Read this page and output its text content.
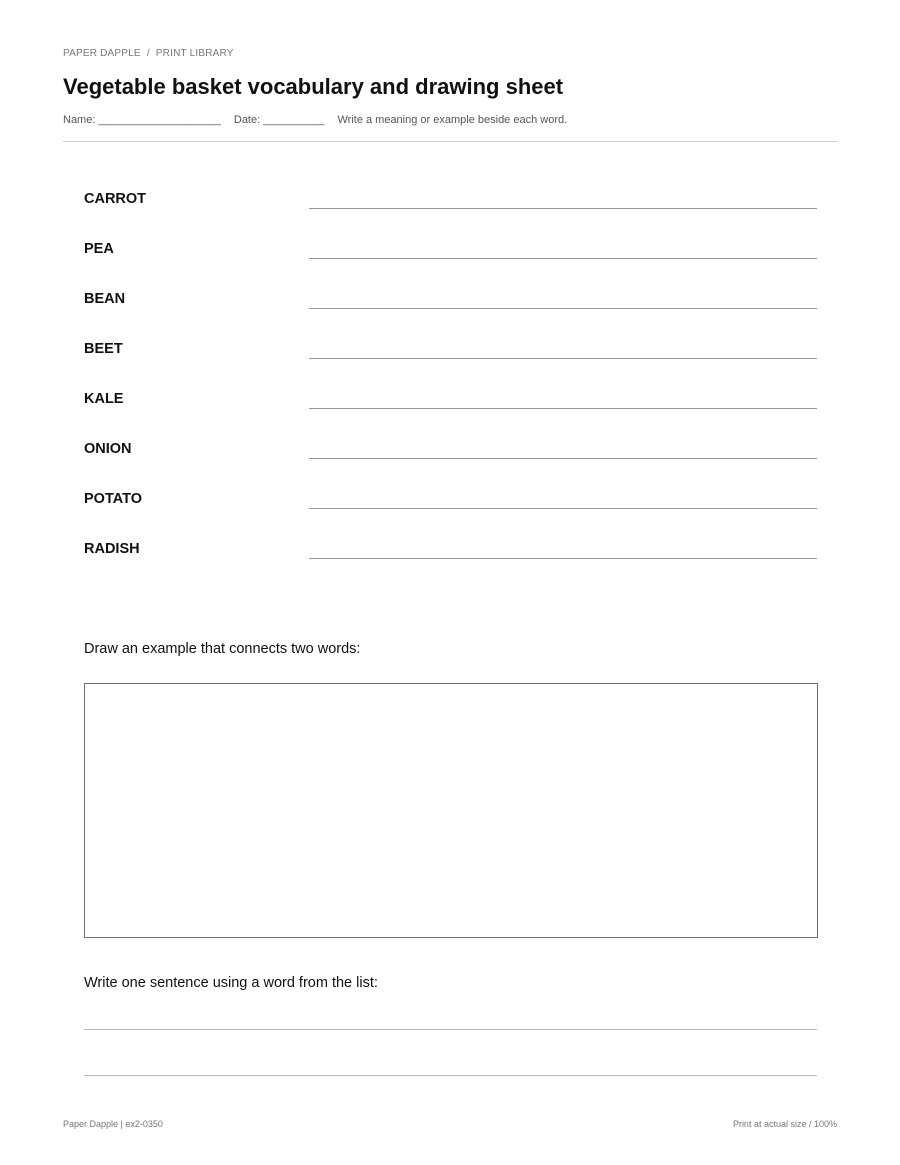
PAPER DAPPLE / PRINT LIBRARY
Vegetable basket vocabulary and drawing sheet
Name: ____________________ Date: __________ Write a meaning or example beside each word.
CARROT
PEA
BEAN
BEET
KALE
ONION
POTATO
RADISH
Draw an example that connects two words:
Write one sentence using a word from the list:
Paper Dapple | ex2-0350	Print at actual size / 100%
